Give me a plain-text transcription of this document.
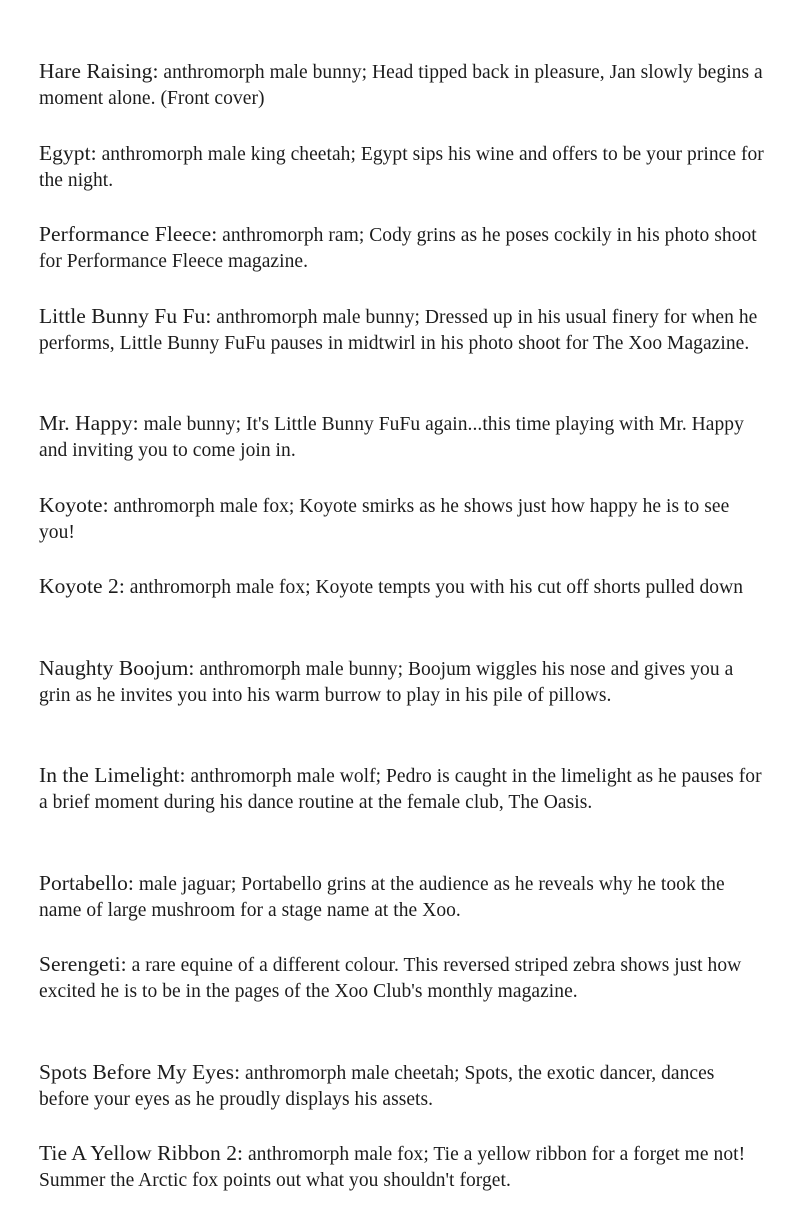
Hare Raising: anthromorph male bunny; Head tipped back in pleasure, Jan slowly begins a moment alone. (Front cover)

Egypt: anthromorph male king cheetah; Egypt sips his wine and offers to be your prince for the night.

Performance Fleece: anthromorph ram; Cody grins as he poses cockily in his photo shoot for Performance Fleece magazine.

Little Bunny Fu Fu: anthromorph male bunny; Dressed up in his usual finery for when he performs, Little Bunny FuFu pauses in midtwirl in his photo shoot for The Xoo Magazine.

Mr. Happy: male bunny; It's Little Bunny FuFu again...this time playing with Mr. Happy and inviting you to come join in.

Koyote: anthromorph male fox; Koyote smirks as he shows just how happy he is to see you!

Koyote 2: anthromorph male fox; Koyote tempts you with his cut off shorts pulled down

Naughty Boojum: anthromorph male bunny; Boojum wiggles his nose and gives you a grin as he invites you into his warm burrow to play in his pile of pillows.

In the Limelight: anthromorph male wolf; Pedro is caught in the limelight as he pauses for a brief moment during his dance routine at the female club, The Oasis.

Portabello: male jaguar; Portabello grins at the audience as he reveals why he took the name of large mushroom for a stage name at the Xoo.

Serengeti: a rare equine of a different colour. This reversed striped zebra shows just how excited he is to be in the pages of the Xoo Club's monthly magazine.

Spots Before My Eyes: anthromorph male cheetah; Spots, the exotic dancer, dances before your eyes as he proudly displays his assets.

Tie A Yellow Ribbon 2: anthromorph male fox; Tie a yellow ribbon for a forget me not! Summer the Arctic fox points out what you shouldn't forget.
